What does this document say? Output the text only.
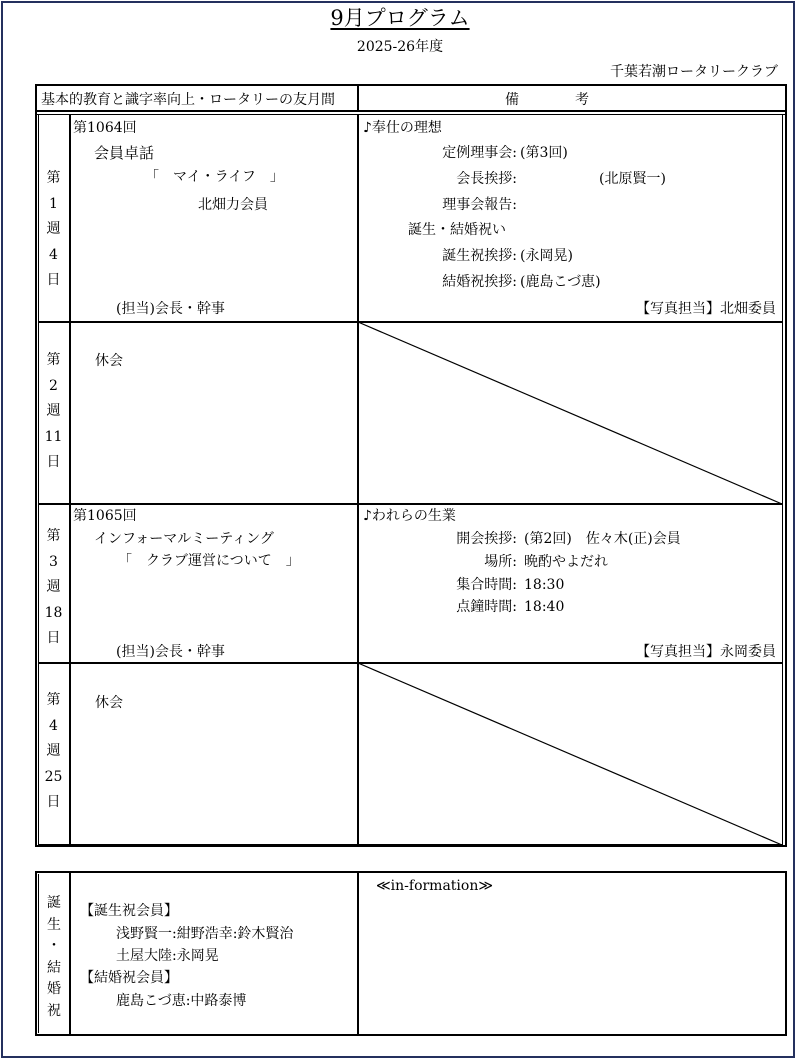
9月プログラム
2025-26年度
千葉若潮ロータリークラブ
基本的教育と識字率向上・ロータリーの友月間	備　　　　考
第
1
週
4
日
第1064回
会員卓話
「　マイ・ライフ　」
北畑力会員
(担当)会長・幹事
♪奉仕の理想
定例理事会: (第3回)
会長挨拶:	(北原賢一)
理事会報告:
誕生・結婚祝い
誕生祝挨拶: (永岡晃)
結婚祝挨拶: (鹿島こづ恵)
【写真担当】北畑委員
第
2
週
11
日
休会
第
3
週
18
日
第1065回
インフォーマルミーティング
「　クラブ運営について　」
(担当)会長・幹事
♪われらの生業
開会挨拶: (第2回)　佐々木(正)会員
場所: 晩酌やよだれ
集合時間: 18:30
点鐘時間: 18:40
【写真担当】永岡委員
第
4
週
25
日
休会
誕
生
・
結
婚
祝
【誕生祝会員】
浅野賢一:紺野浩幸:鈴木賢治
土屋大陸:永岡晃
【結婚祝会員】
鹿島こづ恵:中路泰博
≪in-formation≫
